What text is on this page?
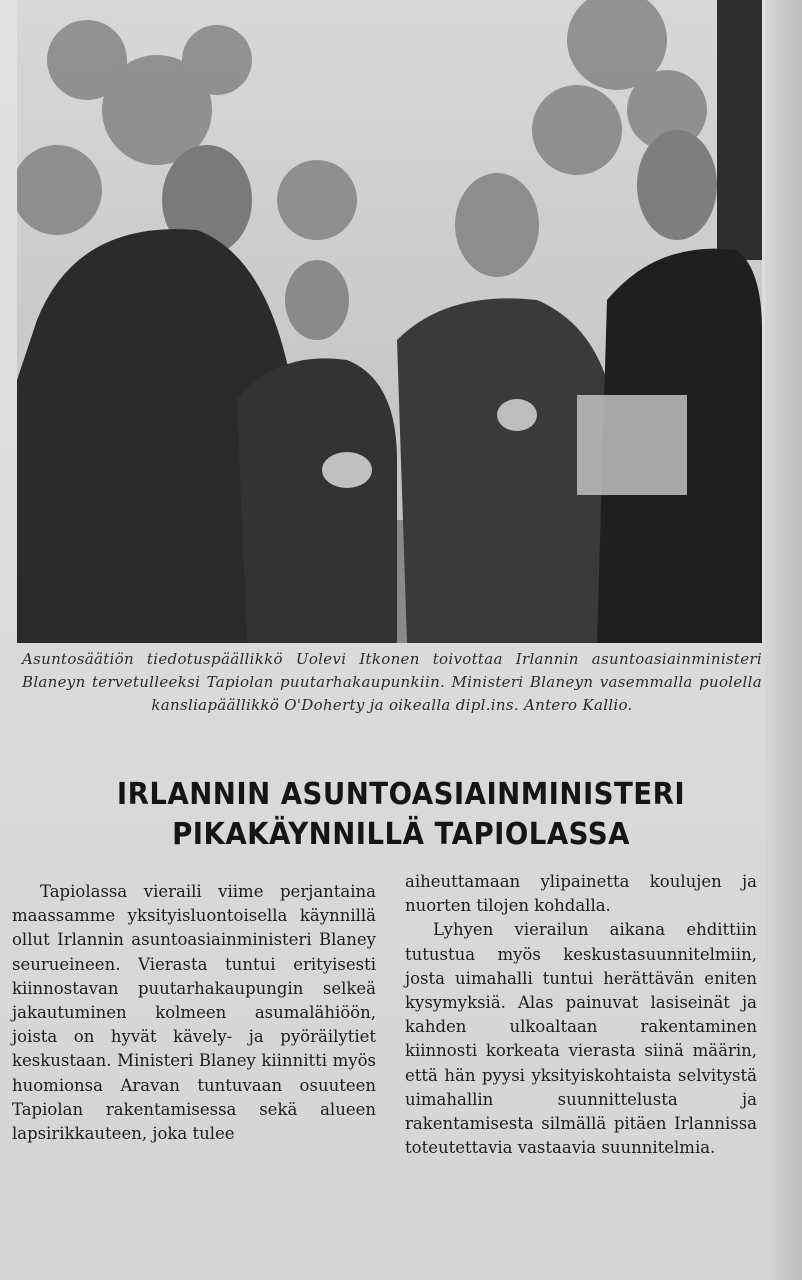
Asuntosäätiön tiedotuspäällikkö Uolevi Itkonen toivottaa Irlannin asuntoasiainministeri Blaneyn tervetulleeksi Tapiolan puutarhakaupunkiin. Ministeri Blaneyn vasemmalla puolella kansliapäällikkö O'Doherty ja oikealla dipl.ins. Antero Kallio.
IRLANNIN ASUNTOASIAINMINISTERI
PIKAKÄYNNILLÄ TAPIOLASSA

Tapiolassa vieraili viime perjantaina maassamme yksityisluontoisella käynnillä ollut Irlannin asuntoasiainministeri Blaney seurueineen. Vierasta tuntui erityisesti kiinnostavan puutarhakaupungin selkeä jakautuminen kolmeen asumalähiöön, joista on hyvät kävely- ja pyöräilytiet keskustaan. Ministeri Blaney kiinnitti myös huomionsa Aravan tuntuvaan osuuteen Tapiolan rakentamisessa sekä alueen lapsirikkauteen, joka tulee

aiheuttamaan ylipainetta koulujen ja nuorten tilojen kohdalla.

Lyhyen vierailun aikana ehdittiin tutustua myös keskustasuunnitelmiin, josta uimahalli tuntui herättävän eniten kysymyksiä. Alas painuvat lasiseinät ja kahden ulkoaltaan rakentaminen kiinnosti korkeata vierasta siinä määrin, että hän pyysi yksityiskohtaista selvitystä uimahallin suunnittelusta ja rakentamisesta silmällä pitäen Irlannissa toteutettavia vastaavia suunnitelmia.
